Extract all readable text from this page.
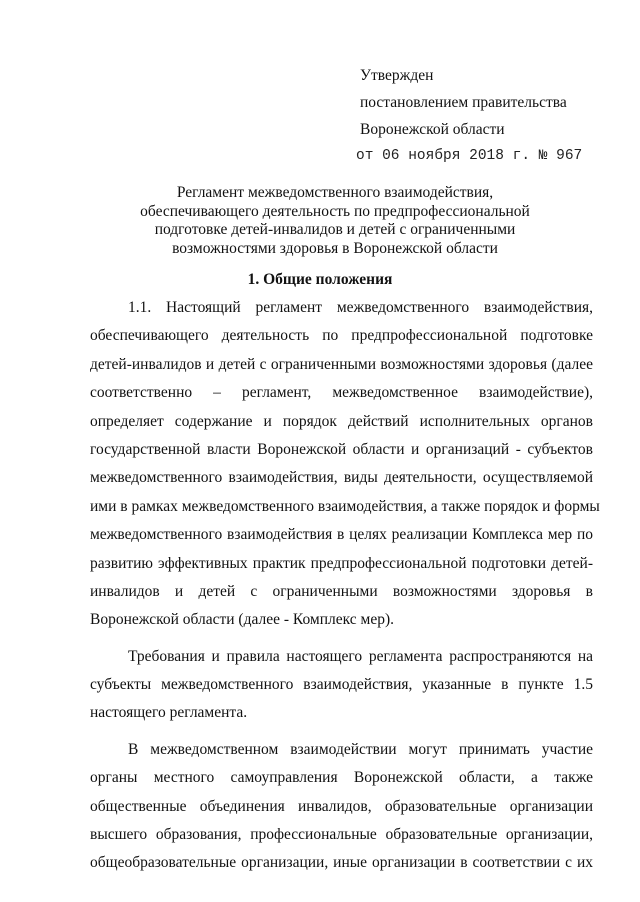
Утвержден
постановлением правительства
Воронежской области
от 06 ноября 2018 г. № 967
Регламент межведомственного взаимодействия,
обеспечивающего деятельность по предпрофессиональной
подготовке детей-инвалидов и детей с ограниченными
возможностями здоровья в Воронежской области
1. Общие положения
1.1. Настоящий регламент межведомственного взаимодействия,
обеспечивающего деятельность по предпрофессиональной подготовке
детей-инвалидов и детей с ограниченными возможностями здоровья (далее
соответственно – регламент, межведомственное взаимодействие),
определяет содержание и порядок действий исполнительных органов
государственной власти Воронежской области и организаций - субъектов
межведомственного взаимодействия, виды деятельности, осуществляемой
ими в рамках межведомственного взаимодействия, а также порядок и формы
межведомственного взаимодействия в целях реализации Комплекса мер по
развитию эффективных практик предпрофессиональной подготовки детей-
инвалидов и детей с ограниченными возможностями здоровья в
Воронежской области (далее - Комплекс мер).
Требования и правила настоящего регламента распространяются на
субъекты межведомственного взаимодействия, указанные в пункте 1.5
настоящего регламента.
В межведомственном взаимодействии могут принимать участие
органы местного самоуправления Воронежской области, а также
общественные объединения инвалидов, образовательные организации
высшего образования, профессиональные образовательные организации,
общеобразовательные организации, иные организации в соответствии с их
